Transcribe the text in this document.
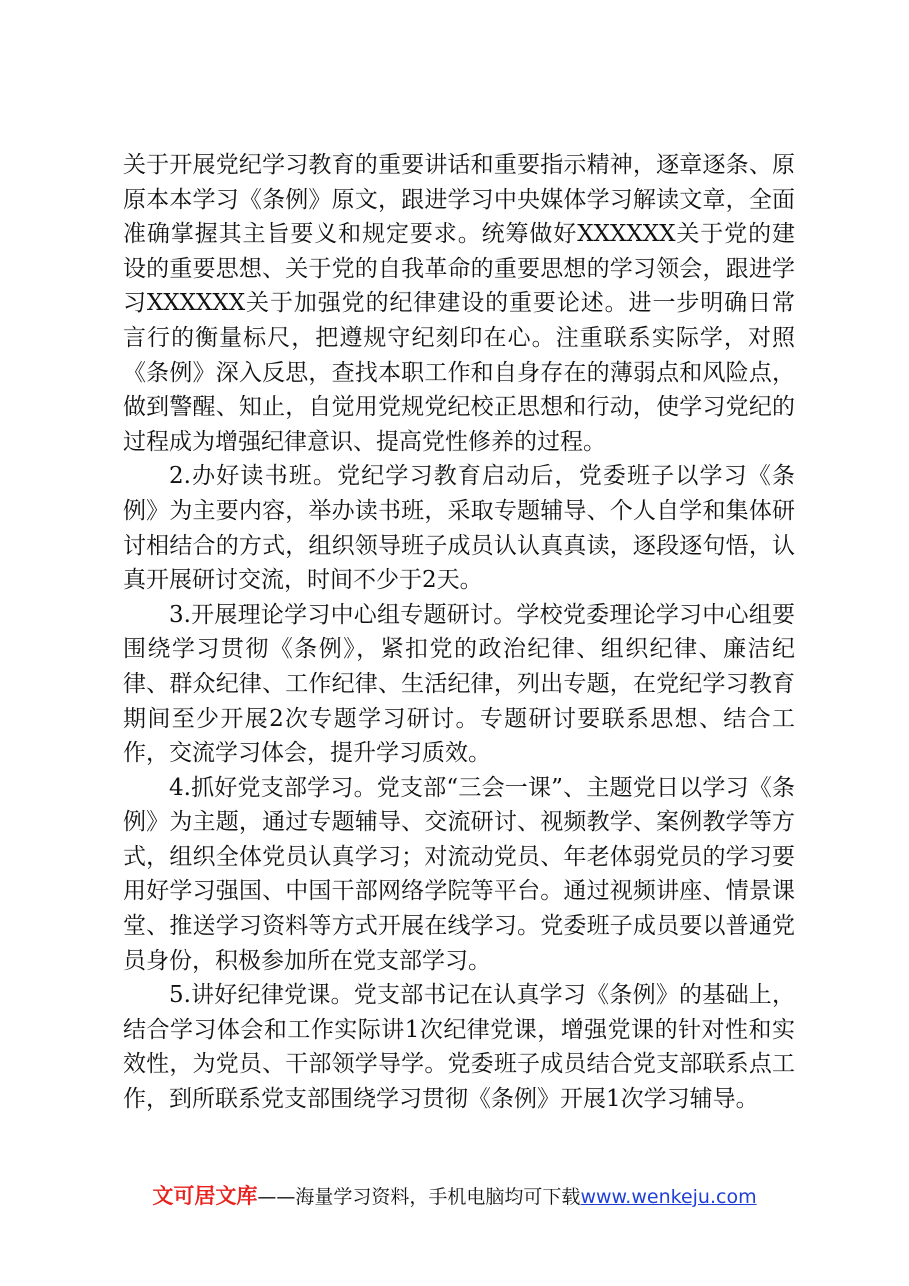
关于开展党纪学习教育的重要讲话和重要指示精神，逐章逐条、原原本本学习《条例》原文，跟进学习中央媒体学习解读文章，全面准确掌握其主旨要义和规定要求。统筹做好XXXXXX关于党的建设的重要思想、关于党的自我革命的重要思想的学习领会，跟进学习XXXXXX关于加强党的纪律建设的重要论述。进一步明确日常言行的衡量标尺，把遵规守纪刻印在心。注重联系实际学，对照《条例》深入反思，查找本职工作和自身存在的薄弱点和风险点，做到警醒、知止，自觉用党规党纪校正思想和行动，使学习党纪的过程成为增强纪律意识、提高党性修养的过程。

2.办好读书班。党纪学习教育启动后，党委班子以学习《条例》为主要内容，举办读书班，采取专题辅导、个人自学和集体研讨相结合的方式，组织领导班子成员认认真真读，逐段逐句悟，认真开展研讨交流，时间不少于2天。

3.开展理论学习中心组专题研讨。学校党委理论学习中心组要围绕学习贯彻《条例》，紧扣党的政治纪律、组织纪律、廉洁纪律、群众纪律、工作纪律、生活纪律，列出专题，在党纪学习教育期间至少开展2次专题学习研讨。专题研讨要联系思想、结合工作，交流学习体会，提升学习质效。

4.抓好党支部学习。党支部“三会一课”、主题党日以学习《条例》为主题，通过专题辅导、交流研讨、视频教学、案例教学等方式，组织全体党员认真学习；对流动党员、年老体弱党员的学习要用好学习强国、中国干部网络学院等平台。通过视频讲座、情景课堂、推送学习资料等方式开展在线学习。党委班子成员要以普通党员身份，积极参加所在党支部学习。

5.讲好纪律党课。党支部书记在认真学习《条例》的基础上，结合学习体会和工作实际讲1次纪律党课，增强党课的针对性和实效性，为党员、干部领学导学。党委班子成员结合党支部联系点工作，到所联系党支部围绕学习贯彻《条例》开展1次学习辅导。

文可居文库——海量学习资料，手机电脑均可下载www.wenkeju.com
